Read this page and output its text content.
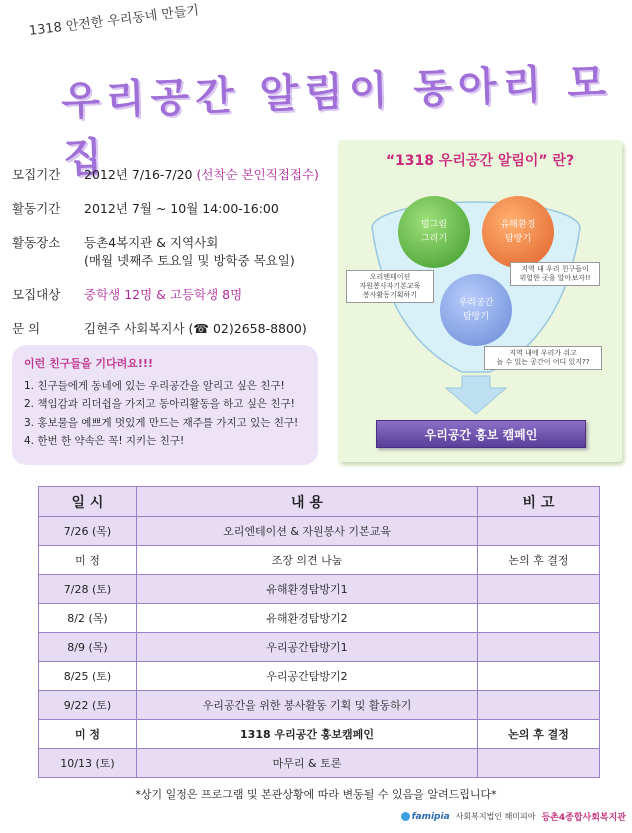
1318 안전한 우리동네 만들기
우리공간 알림이 동아리 모집
모집기간	2012년 7/16-7/20 (선착순 본인직접접수)
활동기간	2012년 7월 ~ 10월 14:00-16:00
활동장소	등촌4복지관 & 지역사회
(매월 넷째주 토요일 및 방학중 목요일)
모집대상	중학생 12명 & 고등학생 8명
문 의	김현주 사회복지사 (☎ 02)2658-8800)
이런 친구들을 기다려요!!!
1. 친구들에게 동네에 있는 우리공간을 알리고 싶은 친구!
2. 책임감과 리더쉽을 가지고 동아리활동을 하고 싶은 친구!
3. 홍보물을 예쁘게 멋있게 만드는 재주를 가지고 있는 친구!
4. 한번 한 약속은 꼭! 지키는 친구!
“1318 우리공간 알림이” 란?
밀그림
그리기
유해환경
탐방기
우리공간
탐방기
오리엔테이션
자원봉사자기본교육
봉사활동기획하기
지역 내 우리 친구들이
위험한 곳을 알아보자!!
지역 내에 우리가 쉬고
놀 수 있는 공간이 어디 있지??
우리공간 홍보 캠페인
일 시	내 용	비 고
7/26 (목)	오리엔테이션 & 자원봉사 기본교육	
미 정	조장 의견 나눔	논의 후 결정
7/28 (토)	유해환경탐방기1	
8/2 (목)	유해환경탐방기2	
8/9 (목)	우리공간탐방기1	
8/25 (토)	우리공간탐방기2	
9/22 (토)	우리공간을 위한 봉사활동 기획 및 활동하기	
미 정	1318 우리공간 홍보캠페인	논의 후 결정
10/13 (토)	마무리 & 토론	
*상기 일정은 프로그램 및 본관상황에 따라 변동될 수 있음을 알려드립니다*
famipia 사회복지법인 해미피아 등촌4종합사회복지관
